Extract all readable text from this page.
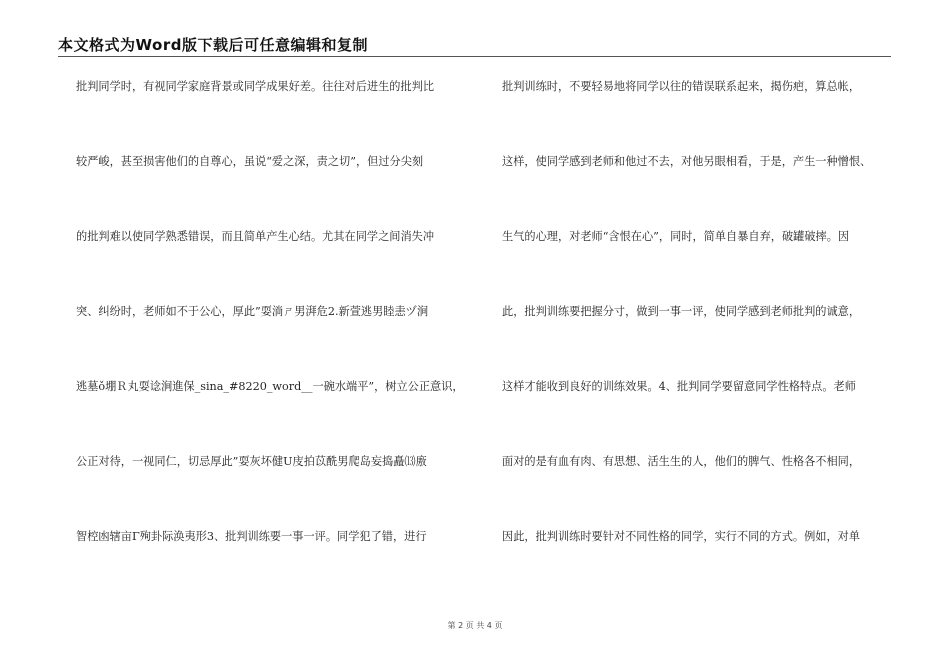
本文格式为Word版下载后可任意编辑和复制
批判同学时，有视同学家庭背景或同学成果好差。往往对后进生的批判比
较严峻，甚至损害他们的自尊心，虽说“爱之深，责之切”，但过分尖刻
的批判难以使同学熟悉错误，而且简单产生心结。尤其在同学之间消失冲
突、纠纷时，老师如不于公心，厚此”耍淌ㄕ男湃危2.新萱逃男睦恚ヅ涧
逃墓ǒ堋Ｒ丸耍谂涧進保_sina_#8220_word__一碗水端平”，树立公正意识，
公正对待，一视同仁，切忌厚此”耍灰坏健U庋拍苡酰男爬岛妄捣矗⒀廒
智椌凼辖亩Γ殉卦际涣夷形3、批判训练要一事一评。同学犯了错，进行
批判训练时，不要轻易地将同学以往的错误联系起来，揭伤疤，算总帐，
这样，使同学感到老师和他过不去，对他另眼相看，于是，产生一种憎恨、
生气的心理，对老师“含恨在心”，同时，简单自暴自弃，破罐破摔。因
此，批判训练要把握分寸，做到一事一评，使同学感到老师批判的诚意，
这样才能收到良好的训练效果。4、批判同学要留意同学性格特点。老师
面对的是有血有肉、有思想、活生生的人，他们的脾气、性格各不相同，
因此，批判训练时要针对不同性格的同学，实行不同的方式。例如，对单
第 2 页 共 4 页
